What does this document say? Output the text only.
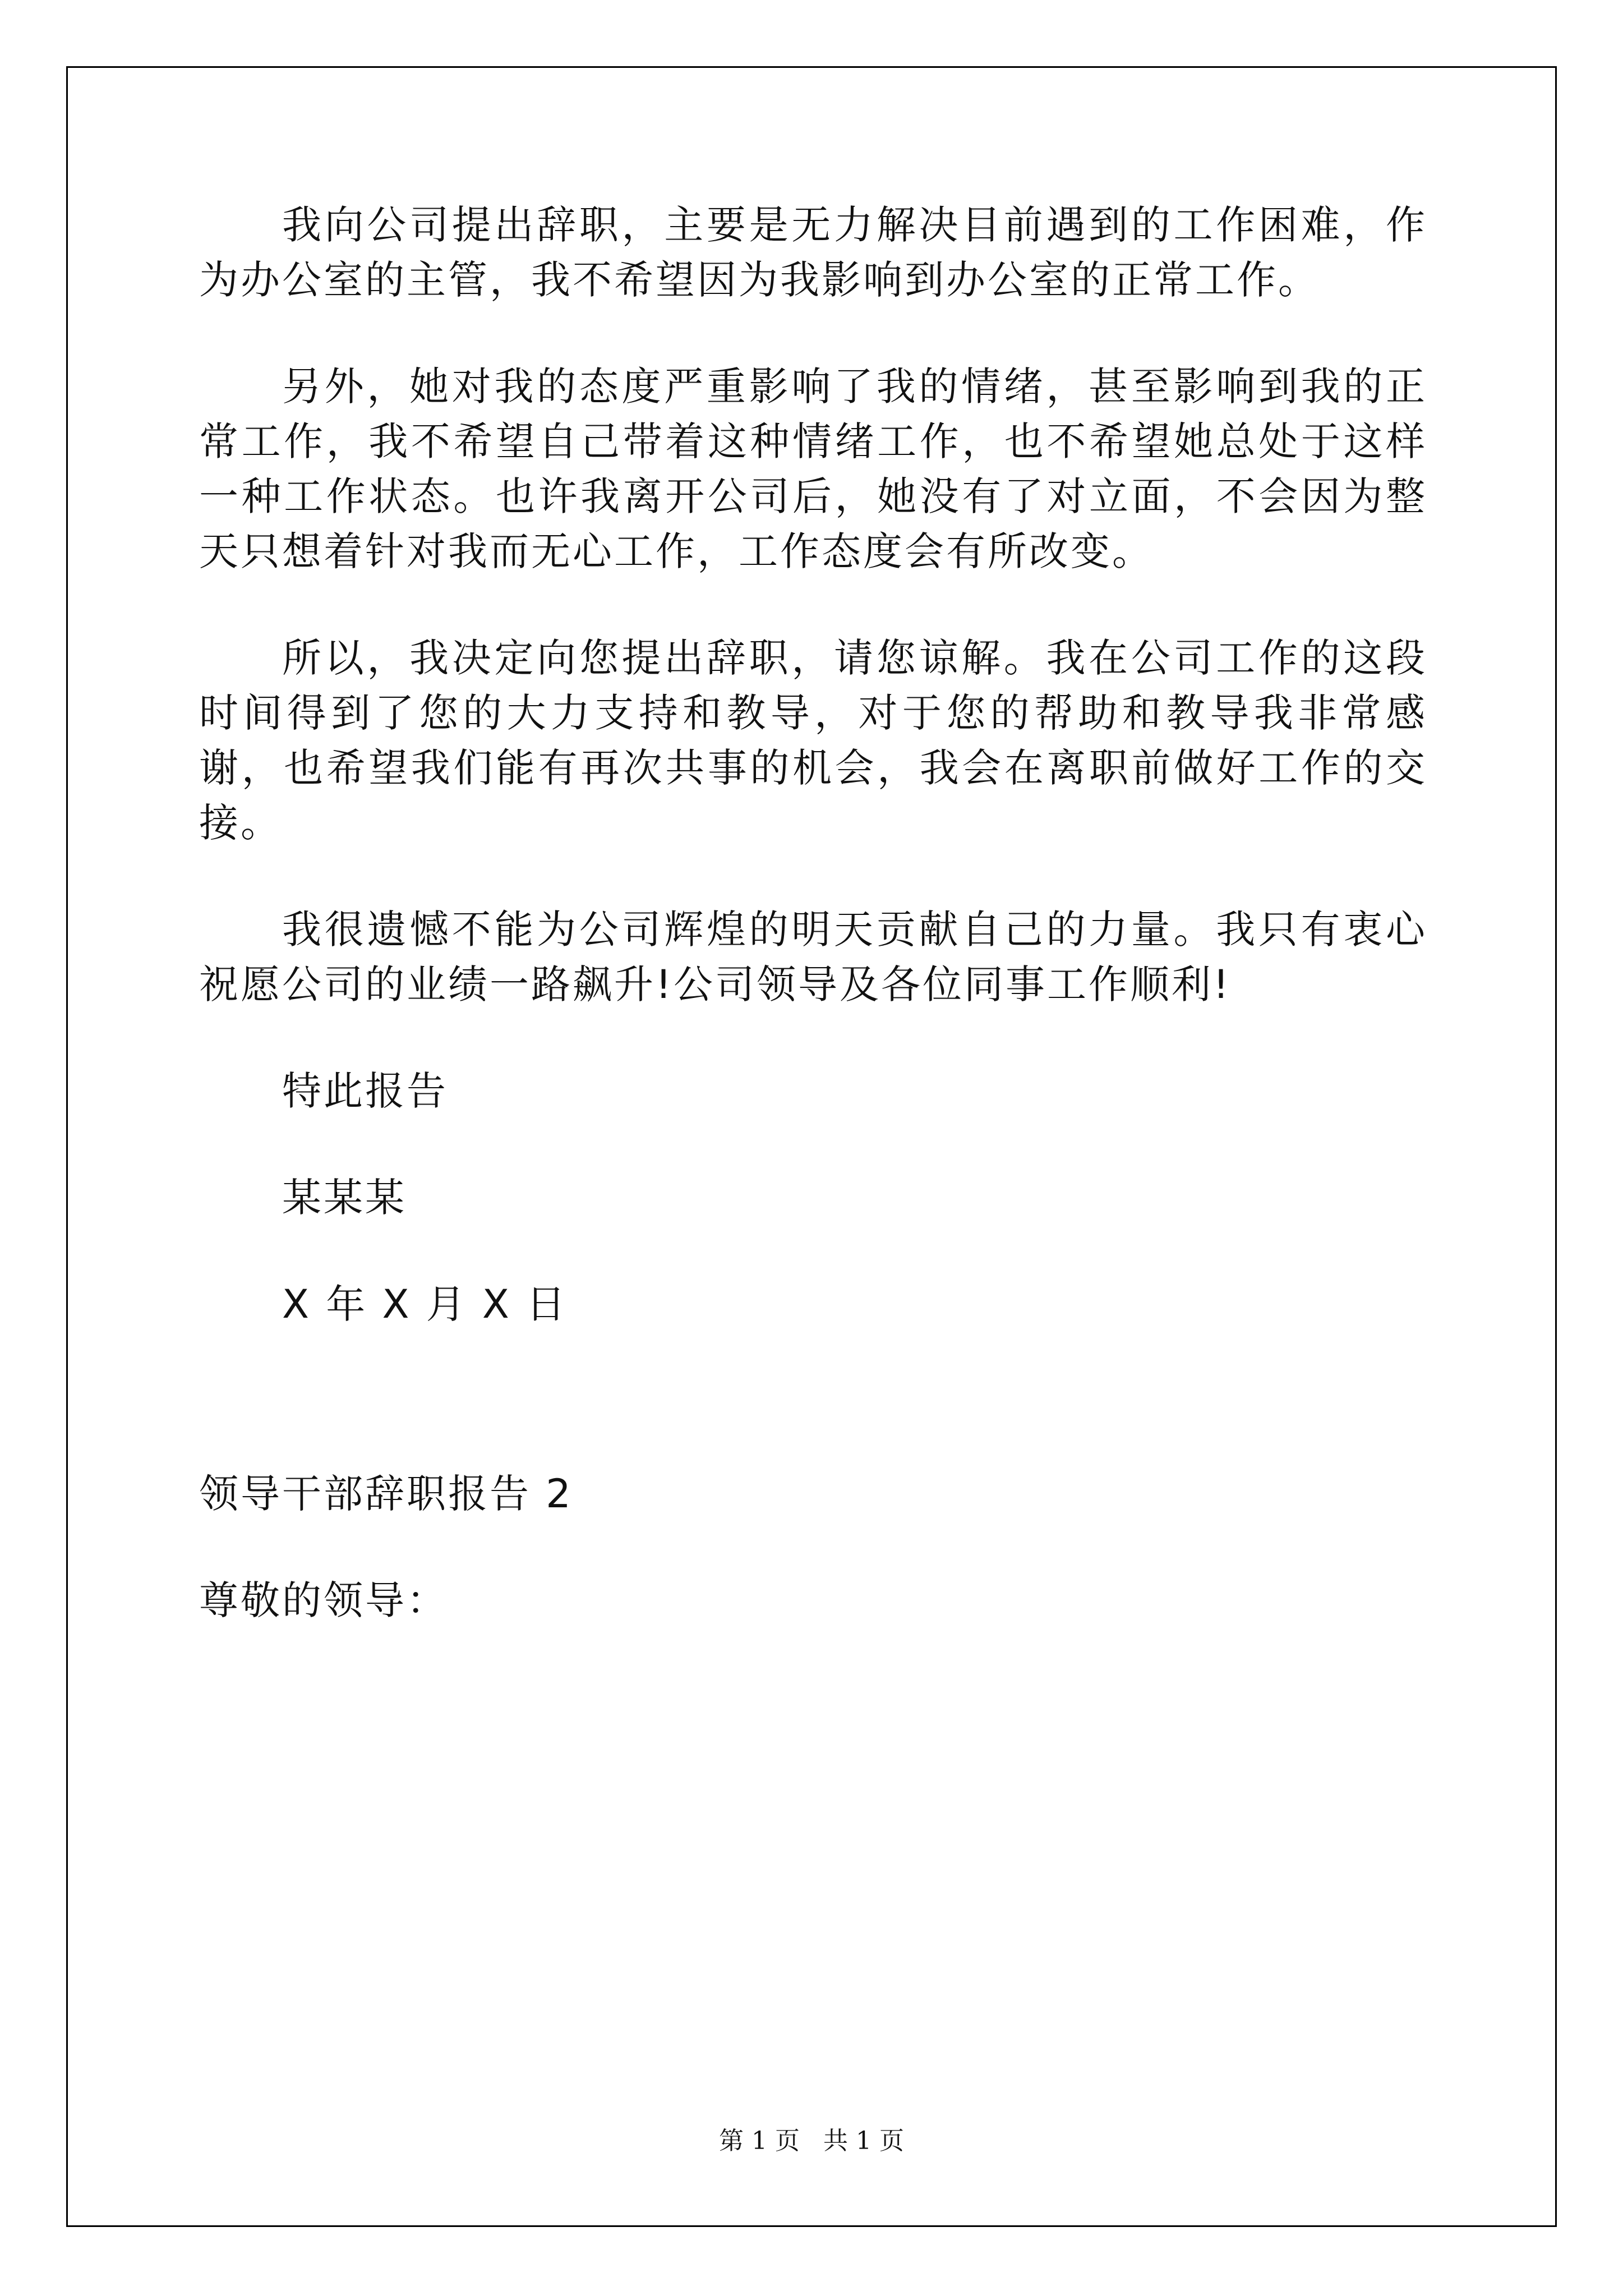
我向公司提出辞职，主要是无力解决目前遇到的工作困难，作为办公室的主管，我不希望因为我影响到办公室的正常工作。

另外，她对我的态度严重影响了我的情绪，甚至影响到我的正常工作，我不希望自己带着这种情绪工作，也不希望她总处于这样一种工作状态。也许我离开公司后，她没有了对立面，不会因为整天只想着针对我而无心工作，工作态度会有所改变。

所以，我决定向您提出辞职，请您谅解。我在公司工作的这段时间得到了您的大力支持和教导，对于您的帮助和教导我非常感谢，也希望我们能有再次共事的机会，我会在离职前做好工作的交接。

我很遗憾不能为公司辉煌的明天贡献自己的力量。我只有衷心祝愿公司的业绩一路飙升!公司领导及各位同事工作顺利!

特此报告

某某某

X 年 X 月 X 日

领导干部辞职报告 2

尊敬的领导：

第 1 页 共 1 页
